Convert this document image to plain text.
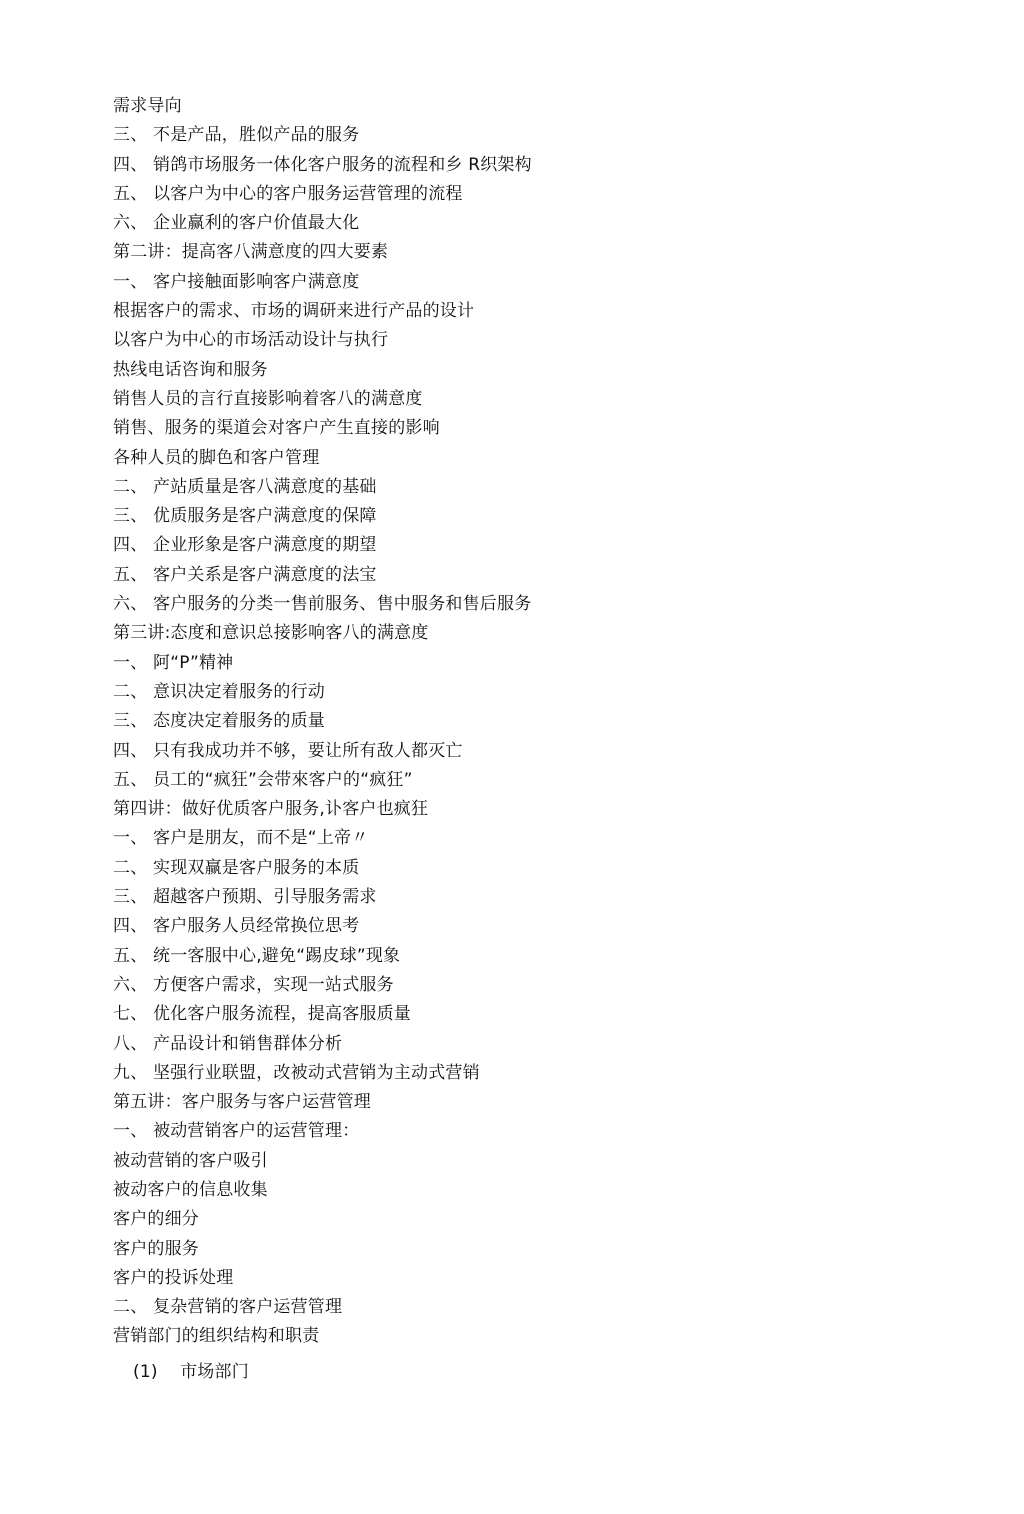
需求导向
三、 不是产品，胜似产品的服务
四、 销鸽市场服务一体化客户服务的流程和乡 R织架构
五、 以客户为中心的客户服务运营管理的流程
六、 企业赢利的客户价值最大化
第二讲：提高客八满意度的四大要素
一、 客户接触面影响客户满意度
根据客户的需求、市场的调研来进行产品的设计
以客户为中心的市场活动设计与执行
热线电话咨询和服务
销售人员的言行直接影响着客八的满意度
销售、服务的渠道会对客户产生直接的影响
各种人员的脚色和客户管理
二、 产站质量是客八满意度的基础
三、 优质服务是客户满意度的保障
四、 企业形象是客户满意度的期望
五、 客户关系是客户满意度的法宝
六、 客户服务的分类一售前服务、售中服务和售后服务
第三讲:态度和意识总接影响客八的满意度
一、 阿“P”精神
二、 意识决定着服务的行动
三、 态度决定着服务的质量
四、 只有我成功并不够，要让所有敌人都灭亡
五、 员工的“疯狂”会带來客户的“疯狂”
第四讲：做好优质客户服务,讣客户也疯狂
一、 客户是朋友，而不是“上帝〃
二、 实现双赢是客户服务的本质
三、 超越客户预期、引导服务需求
四、 客户服务人员经常换位思考
五、 统一客服中心,避免“踢皮球”现象
六、 方便客户需求，实现一站式服务
七、 优化客户服务流程，提高客服质量
八、 产品设计和销售群体分析
九、 坚强行业联盟，改被动式营销为主动式营销
第五讲：客户服务与客户运营管理
一、 被动营销客户的运营管理：
被动营销的客户吸引
被动客户的信息收集
客户的细分
客户的服务
客户的投诉处理
二、 复杂营销的客户运营管理
营销部门的组织结构和职责
(1) 市场部门
